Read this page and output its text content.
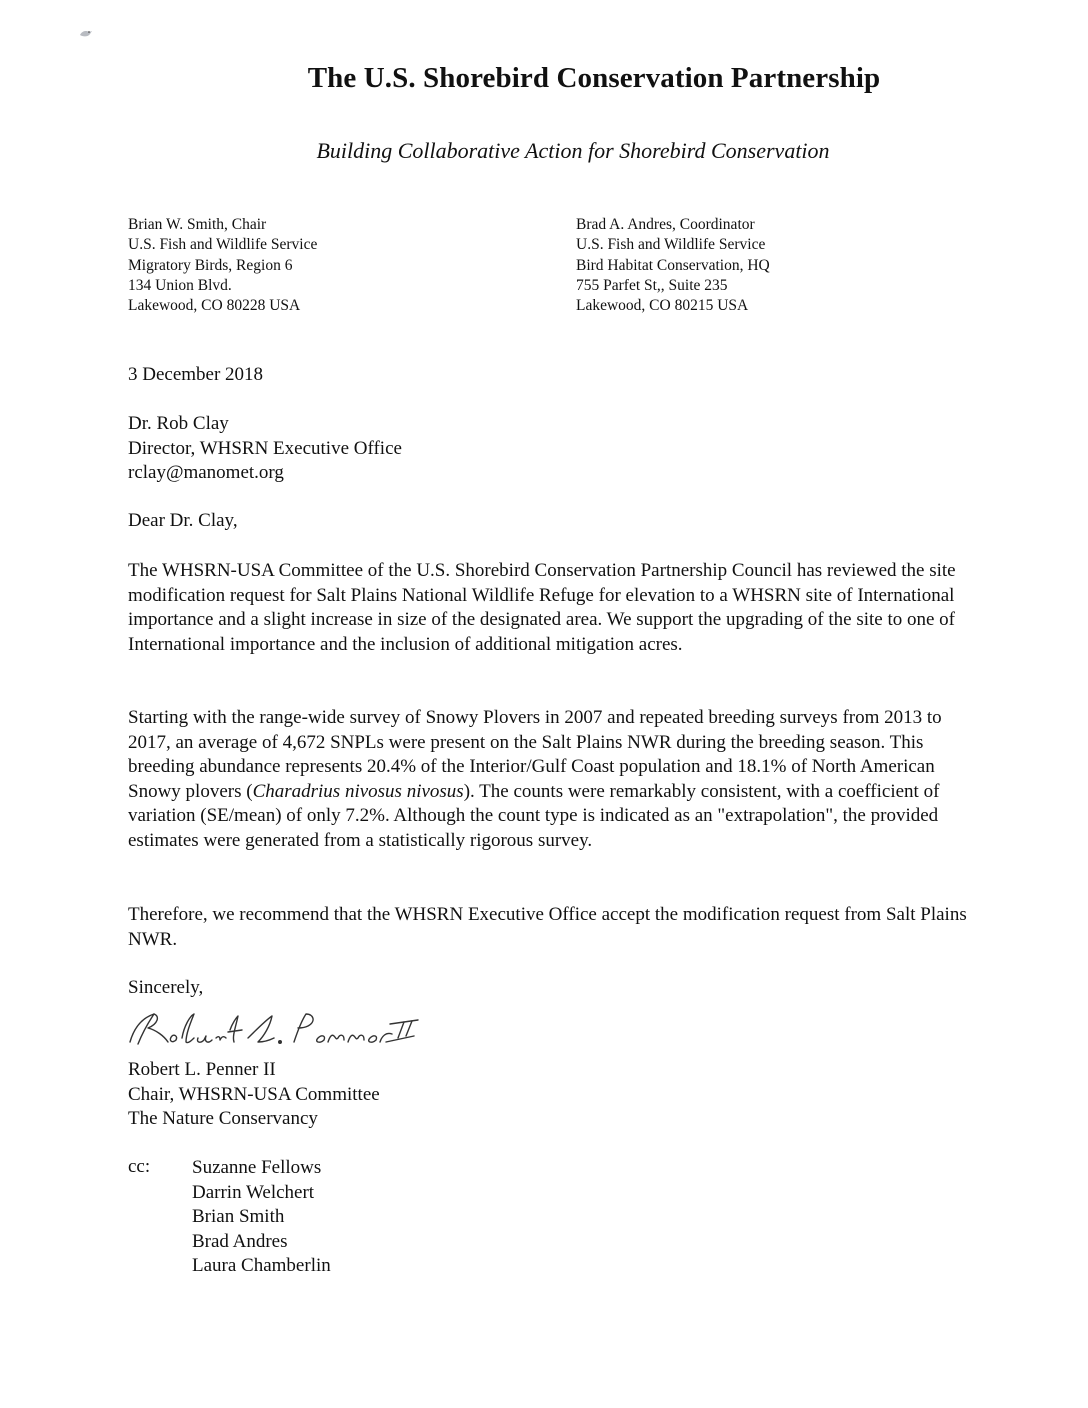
The U.S. Shorebird Conservation Partnership
Building Collaborative Action for Shorebird Conservation
Brian W. Smith, Chair
U.S. Fish and Wildlife Service
Migratory Birds, Region 6
134 Union Blvd.
Lakewood, CO 80228 USA
Brad A. Andres, Coordinator
U.S. Fish and Wildlife Service
Bird Habitat Conservation, HQ
755 Parfet St,, Suite 235
Lakewood, CO 80215 USA
3 December 2018
Dr. Rob Clay
Director, WHSRN Executive Office
rclay@manomet.org
Dear Dr. Clay,
The WHSRN-USA Committee of the U.S. Shorebird Conservation Partnership Council has reviewed the site modification request for Salt Plains National Wildlife Refuge for elevation to a WHSRN site of International importance and a slight increase in size of the designated area. We support the upgrading of the site to one of International importance and the inclusion of additional mitigation acres.
Starting with the range-wide survey of Snowy Plovers in 2007 and repeated breeding surveys from 2013 to 2017, an average of 4,672 SNPLs were present on the Salt Plains NWR during the breeding season. This breeding abundance represents 20.4% of the Interior/Gulf Coast population and 18.1% of North American Snowy plovers (Charadrius nivosus nivosus). The counts were remarkably consistent, with a coefficient of variation (SE/mean) of only 7.2%. Although the count type is indicated as an "extrapolation", the provided estimates were generated from a statistically rigorous survey.
Therefore, we recommend that the WHSRN Executive Office accept the modification request from Salt Plains NWR.
Sincerely,
Robert L. Penner II
Chair, WHSRN-USA Committee
The Nature Conservancy
cc: Suzanne Fellows
Darrin Welchert
Brian Smith
Brad Andres
Laura Chamberlin
